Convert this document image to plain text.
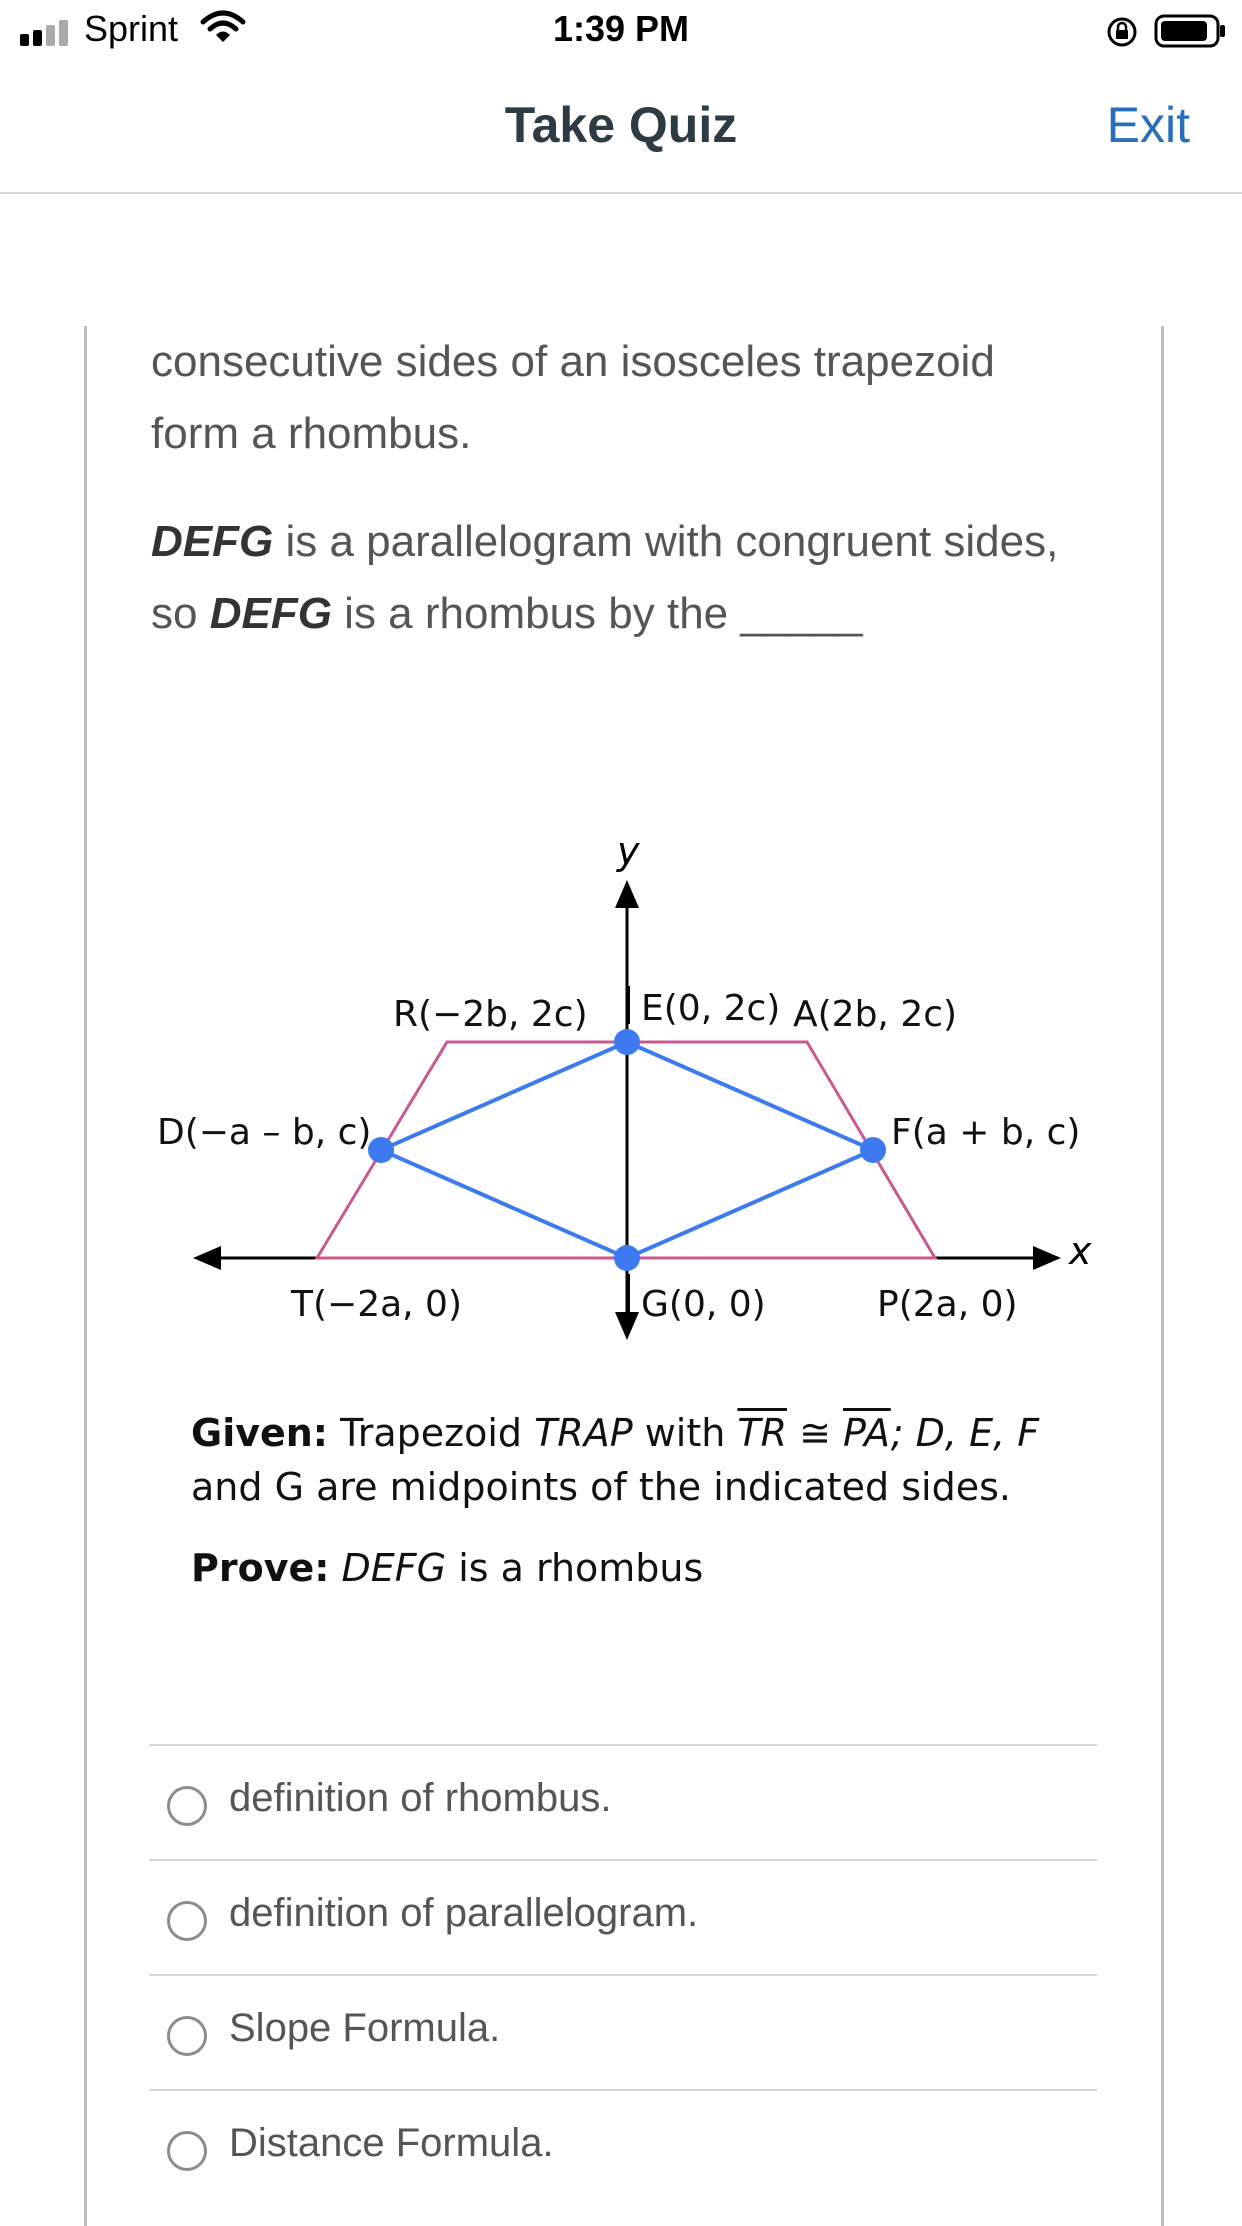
Sprint	1:39 PM
Take Quiz	Exit
consecutive sides of an isosceles trapezoid
form a rhombus.
DEFG is a parallelogram with congruent sides,
so DEFG is a rhombus by the _____
y
x
R(−2b, 2c) E(0, 2c) A(2b, 2c)
D(−a – b, c)	F(a + b, c)
T(−2a, 0)	G(0, 0)	P(2a, 0)
Given: Trapezoid TRAP with $\overline{TR}$ ≅ $\overline{PA}$; D, E, F
and G are midpoints of the indicated sides.
Prove: DEFG is a rhombus
definition of rhombus.
definition of parallelogram.
Slope Formula.
Distance Formula.
